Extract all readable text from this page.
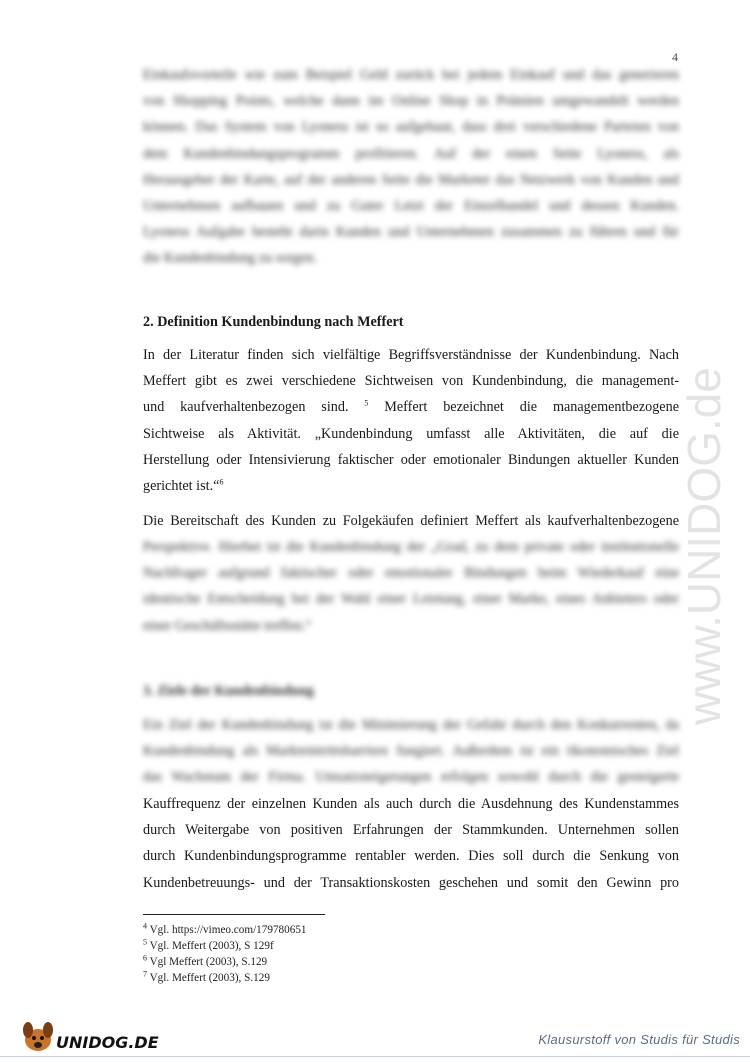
4
Einkaufsvorteile wie zum Beispiel Geld zurück bei jedem Einkauf und das generieren
von Shopping Points, welche dann im Online Shop in Prämien umgewandelt werden
können. Das System von Lyoness ist so aufgebaut, dass drei verschiedene Parteien von
dem Kundenbindungsprogramm profitieren. Auf der einen Seite Lyoness, als
Herausgeber der Karte, auf der anderen Seite die Marketer das Netzwerk von Kunden und
Unternehmen aufbauen und zu Guter Letzt der Einzelhandel und dessen Kunden.
Lyoness Aufgabe besteht darin Kunden und Unternehmen zusammen zu führen und für
die Kundenbindung zu sorgen.
2. Definition Kundenbindung nach Meffert
In der Literatur finden sich vielfältige Begriffsverständnisse der Kundenbindung. Nach
Meffert gibt es zwei verschiedene Sichtweisen von Kundenbindung, die management-
und kaufverhaltenbezogen sind. $^5$ Meffert bezeichnet die managementbezogene
Sichtweise als Aktivität. „Kundenbindung umfasst alle Aktivitäten, die auf die
Herstellung oder Intensivierung faktischer oder emotionaler Bindungen aktueller Kunden
gerichtet ist.“$^6$
Die Bereitschaft des Kunden zu Folgekäufen definiert Meffert als kaufverhaltenbezogene
Perspektive. Hierbei ist die Kundenbindung der „Grad, zu dem private oder institutionelle
Nachfrager aufgrund faktischer oder emotionaler Bindungen beim Wiederkauf eine
identische Entscheidung bei der Wahl einer Leistung, einer Marke, eines Anbieters oder
einer Geschäftsstätte treffen.“
3. Ziele der Kundenbindung
Ein Ziel der Kundenbindung ist die Minimierung der Gefahr durch den Konkurrenten, da
Kundenbindung als Markteintrittsbarriere fungiert. Außerdem ist ein ökonomisches Ziel
das Wachstum der Firma. Umsatzsteigerungen erfolgen sowohl durch die gesteigerte
Kauffrequenz der einzelnen Kunden als auch durch die Ausdehnung des Kundenstammes
durch Weitergabe von positiven Erfahrungen der Stammkunden. Unternehmen sollen
durch Kundenbindungsprogramme rentabler werden. Dies soll durch die Senkung von
Kundenbetreuungs- und der Transaktionskosten geschehen und somit den Gewinn pro
$^4$ Vgl. https://vimeo.com/179780651
$^5$ Vgl. Meffert (2003), S 129f
$^6$ Vgl Meffert (2003), S.129
$^7$ Vgl. Meffert (2003), S.129
www.UNIDOG.de
UNIDOG.DE	Klausurstoff von Studis für Studis
